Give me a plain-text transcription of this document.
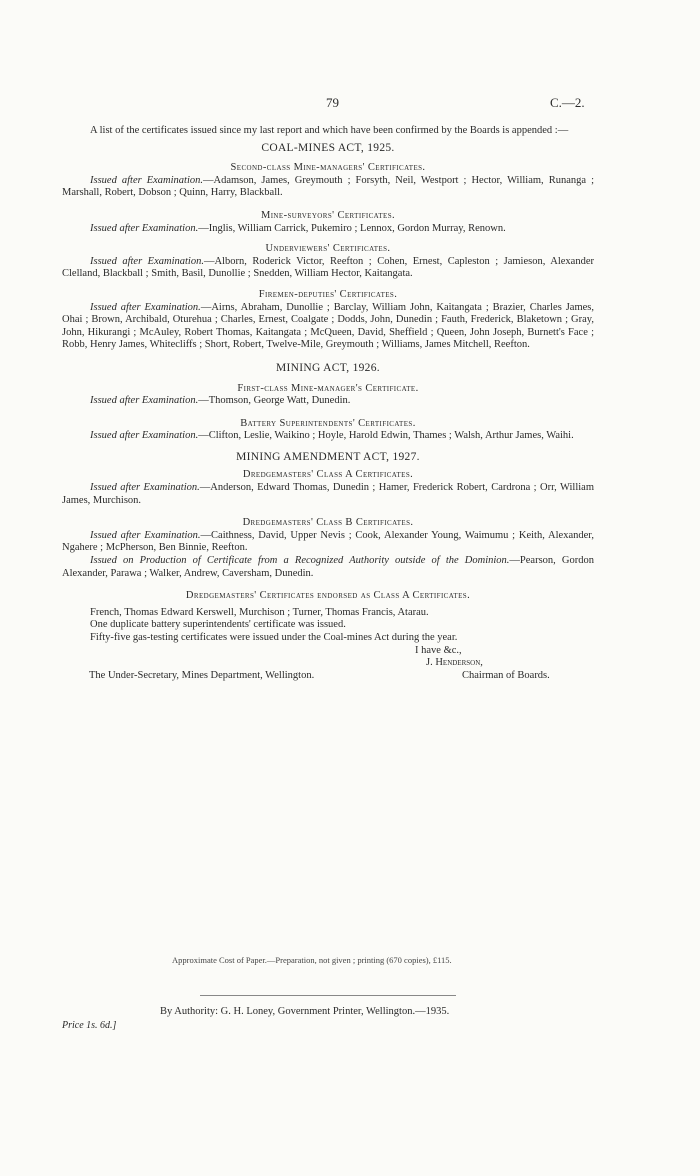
79	C.—2.

A list of the certificates issued since my last report and which have been confirmed by the Boards is appended :—

COAL-MINES ACT, 1925.

Second-class Mine-managers' Certificates.

Issued after Examination.—Adamson, James, Greymouth ; Forsyth, Neil, Westport ; Hector, William, Runanga ; Marshall, Robert, Dobson ; Quinn, Harry, Blackball.

Mine-surveyors' Certificates.

Issued after Examination.—Inglis, William Carrick, Pukemiro ; Lennox, Gordon Murray, Renown.

Underviewers' Certificates.

Issued after Examination.—Alborn, Roderick Victor, Reefton ; Cohen, Ernest, Capleston ; Jamieson, Alexander Clelland, Blackball ; Smith, Basil, Dunollie ; Snedden, William Hector, Kaitangata.

Firemen-deputies' Certificates.

Issued after Examination.—Airns, Abraham, Dunollie ; Barclay, William John, Kaitangata ; Brazier, Charles James, Ohai ; Brown, Archibald, Oturehua ; Charles, Ernest, Coalgate ; Dodds, John, Dunedin ; Fauth, Frederick, Blaketown ; Gray, John, Hikurangi ; McAuley, Robert Thomas, Kaitangata ; McQueen, David, Sheffield ; Queen, John Joseph, Burnett's Face ; Robb, Henry James, Whitecliffs ; Short, Robert, Twelve-Mile, Greymouth ; Williams, James Mitchell, Reefton.

MINING ACT, 1926.

First-class Mine-manager's Certificate.

Issued after Examination.—Thomson, George Watt, Dunedin.

Battery Superintendents' Certificates.

Issued after Examination.—Clifton, Leslie, Waikino ; Hoyle, Harold Edwin, Thames ; Walsh, Arthur James, Waihi.

MINING AMENDMENT ACT, 1927.

Dredgemasters' Class A Certificates.

Issued after Examination.—Anderson, Edward Thomas, Dunedin ; Hamer, Frederick Robert, Cardrona ; Orr, William James, Murchison.

Dredgemasters' Class B Certificates.

Issued after Examination.—Caithness, David, Upper Nevis ; Cook, Alexander Young, Waimumu ; Keith, Alexander, Ngahere ; McPherson, Ben Binnie, Reefton.

Issued on Production of Certificate from a Recognized Authority outside of the Dominion.—Pearson, Gordon Alexander, Parawa ; Walker, Andrew, Caversham, Dunedin.

Dredgemasters' Certificates endorsed as Class A Certificates.

French, Thomas Edward Kerswell, Murchison ; Turner, Thomas Francis, Atarau.

One duplicate battery superintendents' certificate was issued.

Fifty-five gas-testing certificates were issued under the Coal-mines Act during the year.

I have &c.,
J. Henderson,
The Under-Secretary, Mines Department, Wellington.	Chairman of Boards.
Approximate Cost of Paper.—Preparation, not given ; printing (670 copies), £115.
By Authority: G. H. Loney, Government Printer, Wellington.—1935.
Price 1s. 6d.]
